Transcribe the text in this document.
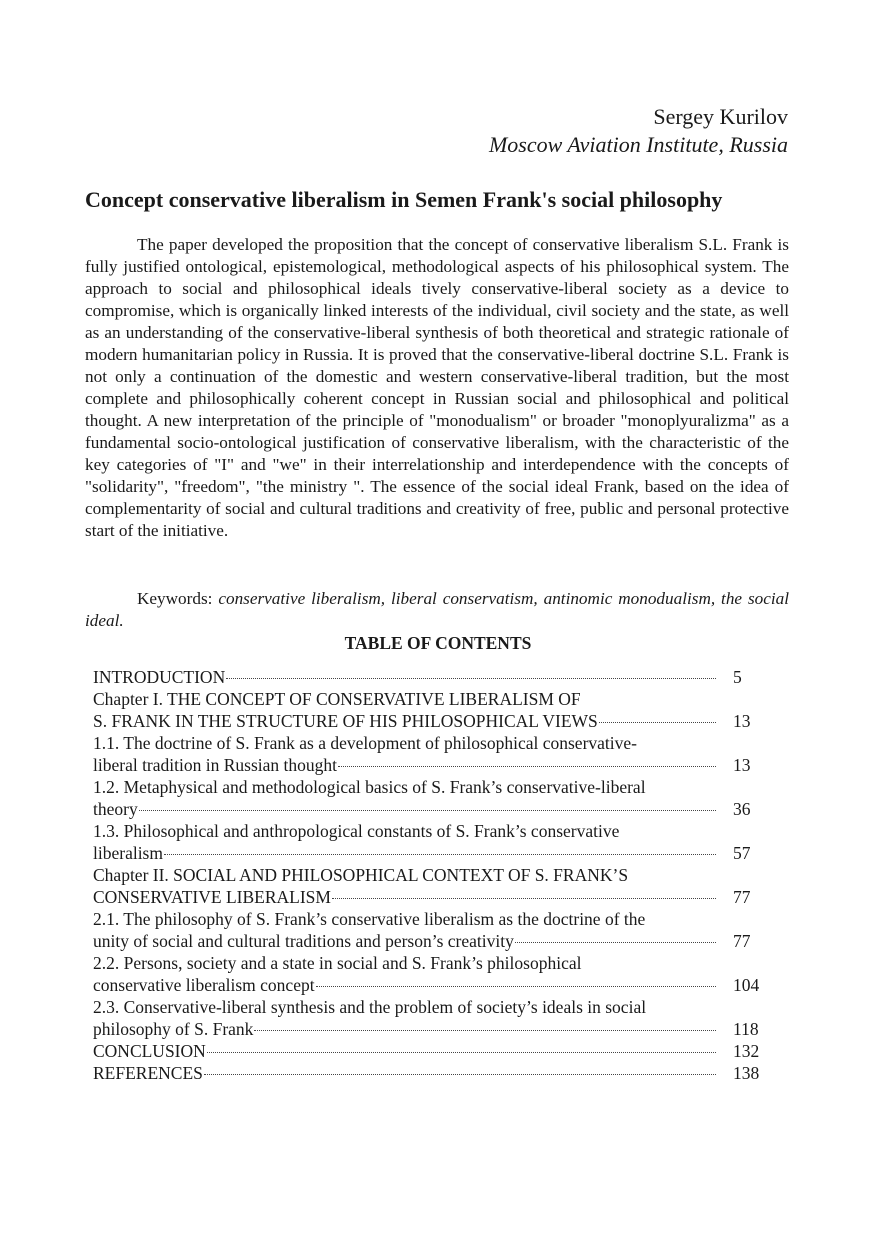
Sergey Kurilov
Moscow Aviation Institute, Russia
Concept conservative liberalism in Semen Frank's social philosophy

The paper developed the proposition that the concept of conservative liberalism S.L. Frank is fully justified ontological, epistemological, methodological aspects of his philosophical system. The approach to social and philosophical ideals tively conservative-liberal society as a device to compromise, which is organically linked interests of the individual, civil society and the state, as well as an understanding of the conservative-liberal synthesis of both theoretical and strategic rationale of modern humanitarian policy in Russia. It is proved that the conservative-liberal doctrine S.L. Frank is not only a continuation of the domestic and western conservative-liberal tradition, but the most complete and philosophically coherent concept in Russian social and philosophical and political thought. A new interpretation of the principle of "monodualism" or broader "monoplyuralizma" as a fundamental socio-ontological justification of conservative liberalism, with the characteristic of the key categories of "I" and "we" in their interrelationship and interdependence with the concepts of "solidarity", "freedom", "the ministry ". The essence of the social ideal Frank, based on the idea of complementarity of social and cultural traditions and creativity of free, public and personal protective start of the initiative.

Keywords: conservative liberalism, liberal conservatism, antinomic monodualism, the social ideal.

TABLE OF CONTENTS
INTRODUCTION	5
Chapter I. THE CONCEPT OF CONSERVATIVE LIBERALISM OF
S. FRANK IN THE STRUCTURE OF HIS PHILOSOPHICAL VIEWS	13
1.1. The doctrine of S. Frank as a development of philosophical conservative-
liberal tradition in Russian thought	13
1.2. Metaphysical and methodological basics of S. Frank’s conservative-liberal
theory	36
1.3. Philosophical and anthropological constants of S. Frank’s conservative
liberalism	57
Chapter II. SOCIAL AND PHILOSOPHICAL CONTEXT OF S. FRANK’S
CONSERVATIVE LIBERALISM	77
2.1. The philosophy of S. Frank’s conservative liberalism as the doctrine of the
unity of social and cultural traditions and person’s creativity	77
2.2. Persons, society and a state in social and S. Frank’s philosophical
conservative liberalism concept	104
2.3. Conservative-liberal synthesis and the problem of society’s ideals in social
philosophy of S. Frank	118
CONCLUSION	132
REFERENCES	138
